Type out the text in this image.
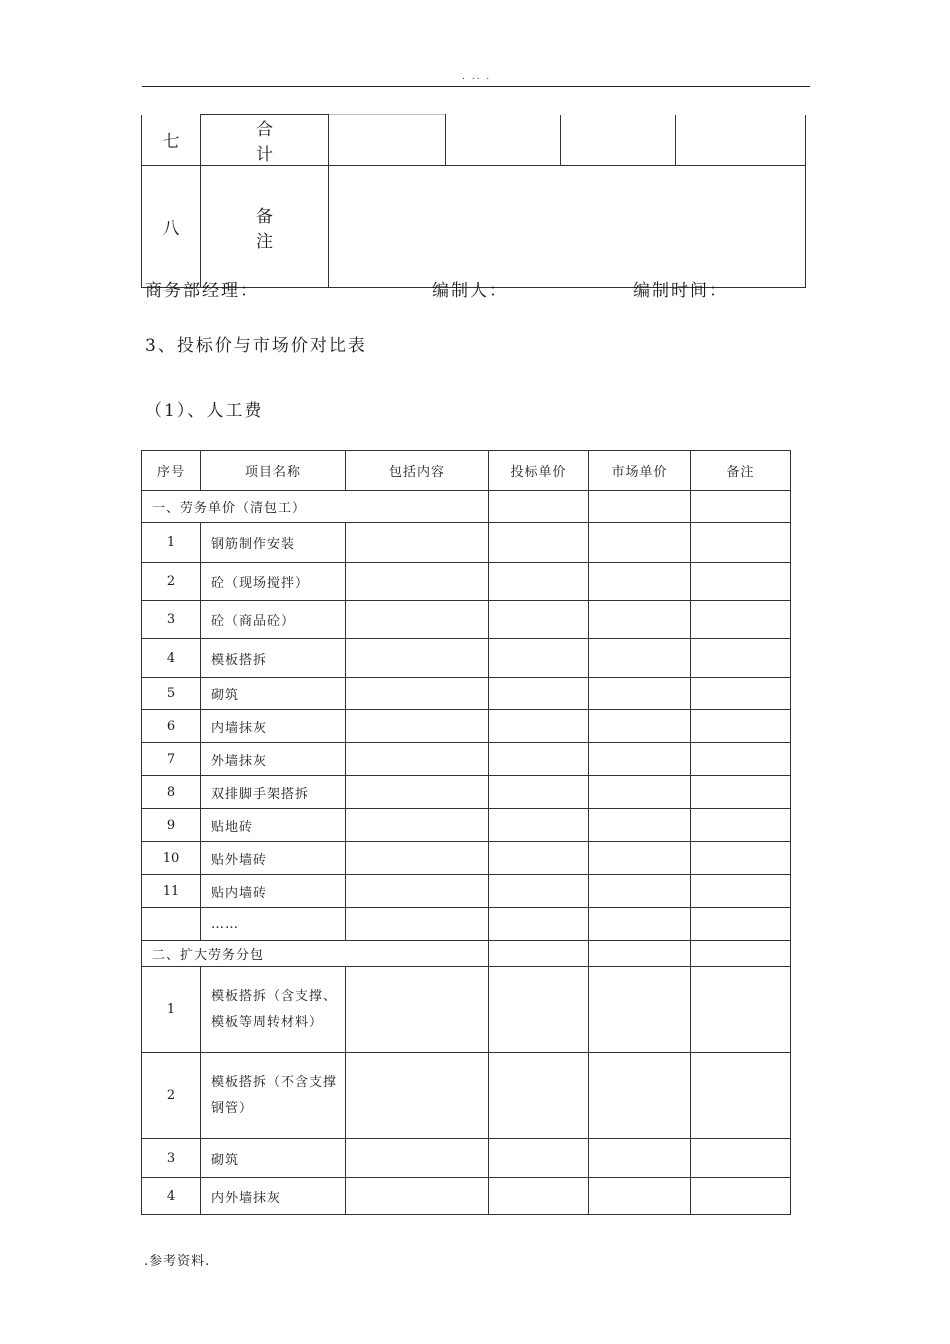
. .. .
七	合 计				
八	备 注				
商务部经理：	编制人：	编制时间：
3、投标价与市场价对比表
（1）、人工费
序号	项目名称	包括内容	投标单价	市场单价	备注
一、劳务单价（清包工）					
1	钢筋制作安装				
2	砼（现场搅拌）				
3	砼（商品砼）				
4	模板搭拆				
5	砌筑				
6	内墙抹灰				
7	外墙抹灰				
8	双排脚手架搭拆				
9	贴地砖				
10	贴外墙砖				
11	贴内墙砖				
	……				
二、扩大劳务分包					
1	模板搭拆（含支撑、模板等周转材料）				
2	模板搭拆（不含支撑钢管）				
3	砌筑				
4	内外墙抹灰				
.参考资料.
